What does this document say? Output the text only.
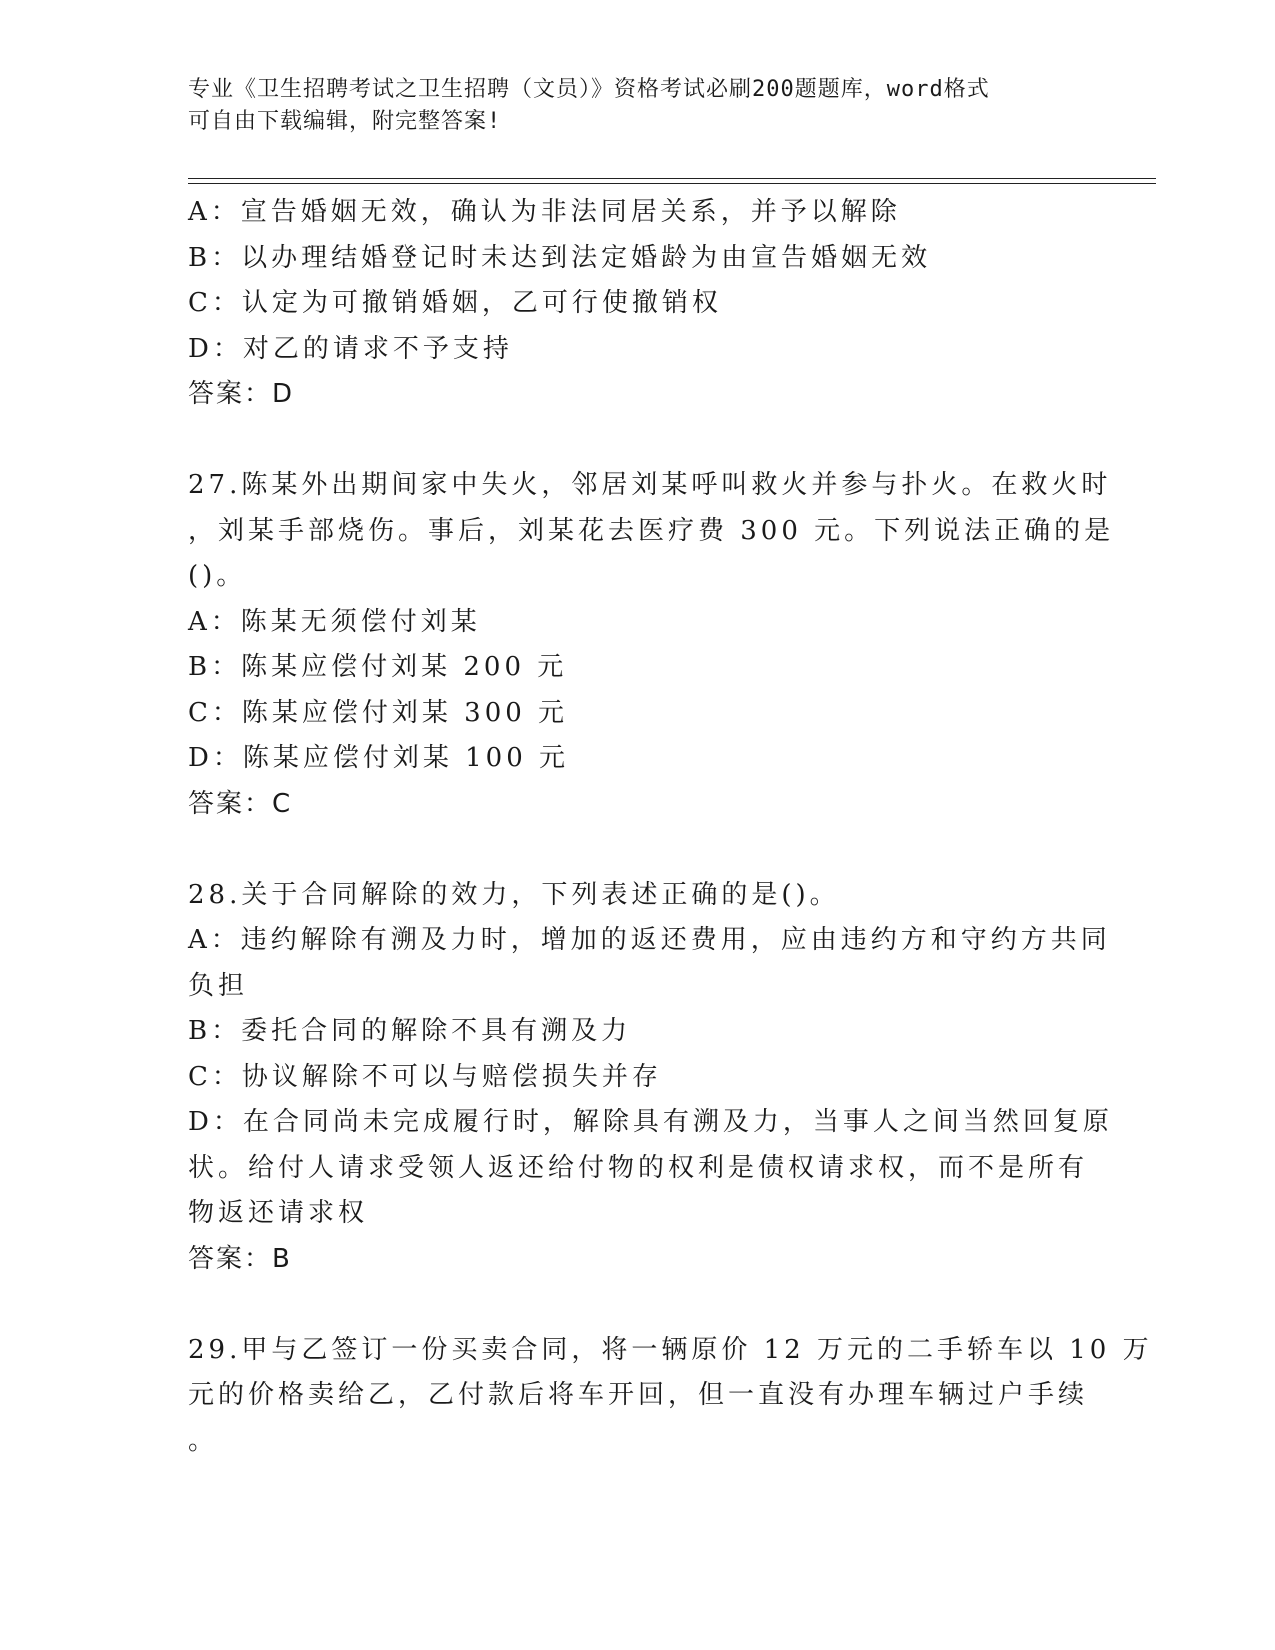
专业《卫生招聘考试之卫生招聘（文员）》资格考试必刷200题题库，word格式
可自由下载编辑，附完整答案!
A：宣告婚姻无效，确认为非法同居关系，并予以解除
B：以办理结婚登记时未达到法定婚龄为由宣告婚姻无效
C：认定为可撤销婚姻，乙可行使撤销权
D：对乙的请求不予支持
答案：D
27.陈某外出期间家中失火，邻居刘某呼叫救火并参与扑火。在救火时
，刘某手部烧伤。事后，刘某花去医疗费 300 元。下列说法正确的是
()。
A：陈某无须偿付刘某
B：陈某应偿付刘某 200 元
C：陈某应偿付刘某 300 元
D：陈某应偿付刘某 100 元
答案：C
28.关于合同解除的效力，下列表述正确的是()。
A：违约解除有溯及力时，增加的返还费用，应由违约方和守约方共同
负担
B：委托合同的解除不具有溯及力
C：协议解除不可以与赔偿损失并存
D：在合同尚未完成履行时，解除具有溯及力，当事人之间当然回复原
状。给付人请求受领人返还给付物的权利是债权请求权，而不是所有
物返还请求权
答案：B
29.甲与乙签订一份买卖合同，将一辆原价 12 万元的二手轿车以 10 万
元的价格卖给乙，乙付款后将车开回，但一直没有办理车辆过户手续
。
